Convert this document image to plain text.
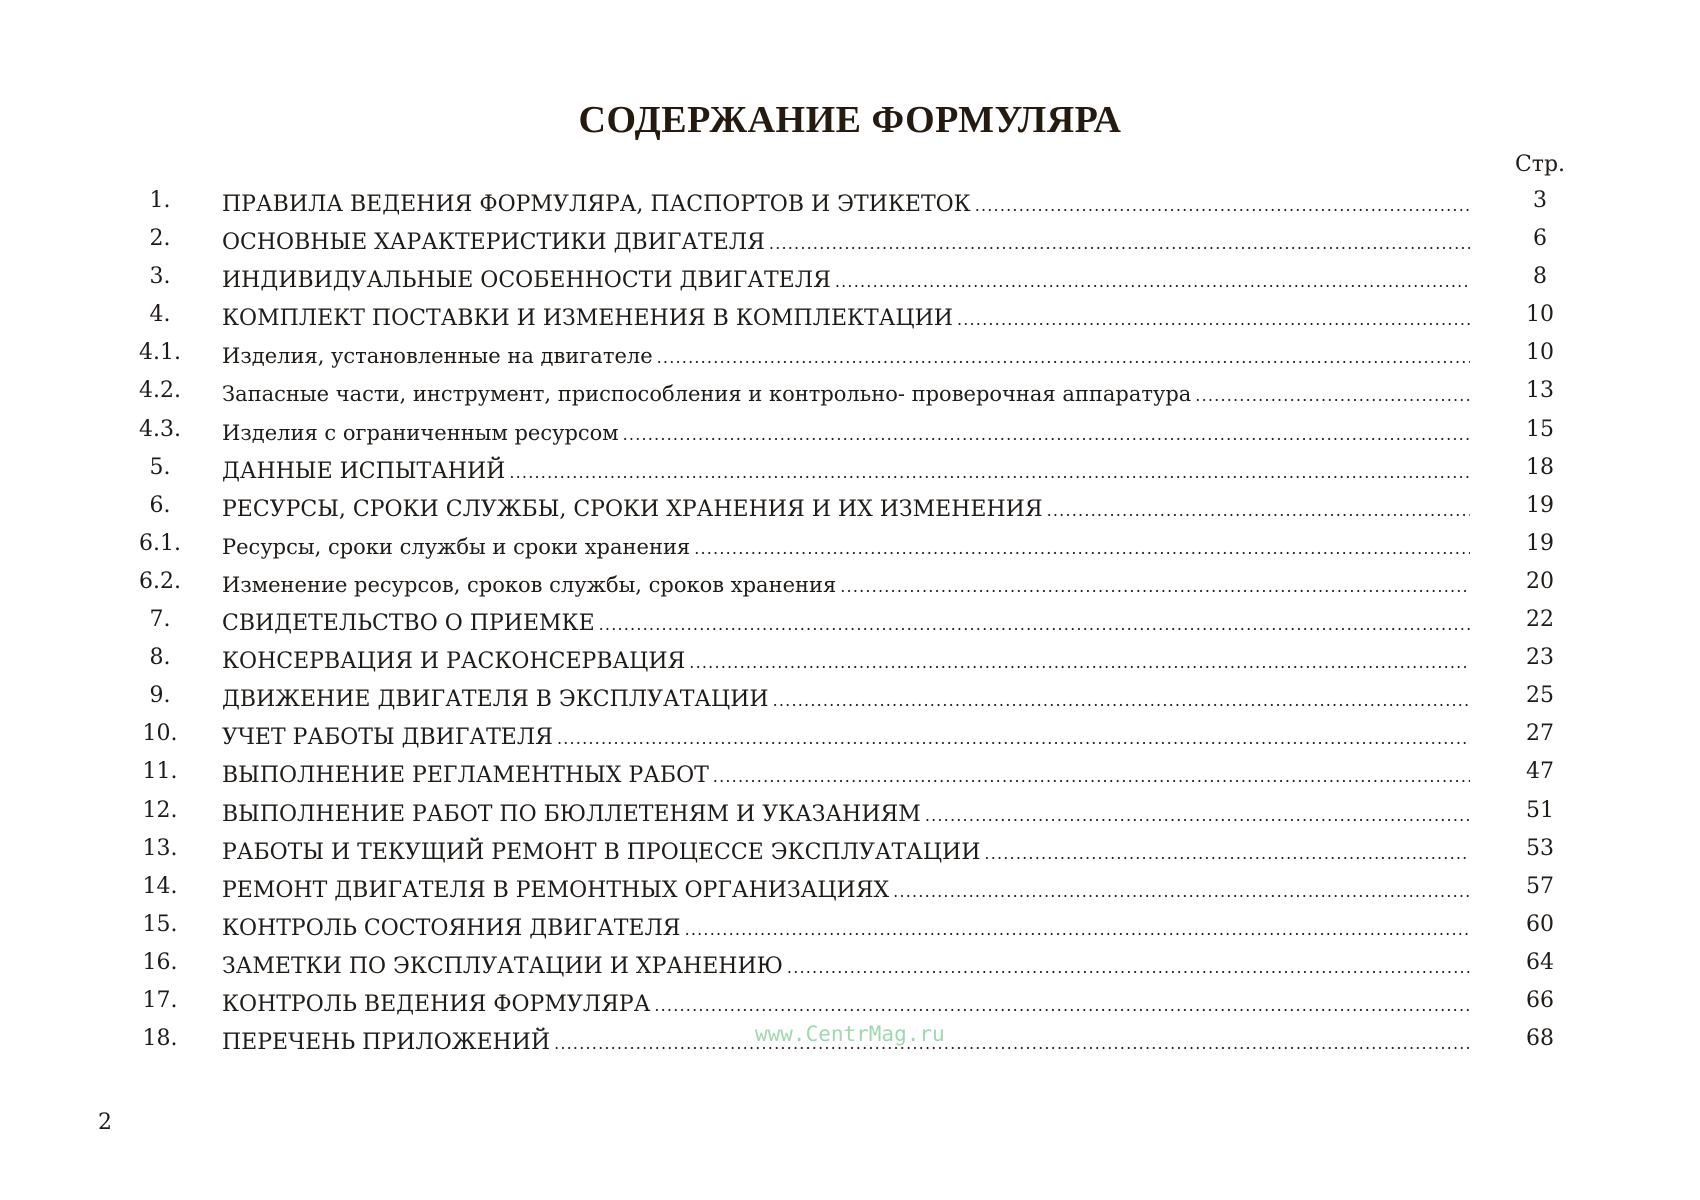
СОДЕРЖАНИЕ ФОРМУЛЯРА
Стр.
1.	ПРАВИЛА ВЕДЕНИЯ ФОРМУЛЯРА, ПАСПОРТОВ И ЭТИКЕТОК .....	3
2.	ОСНОВНЫЕ ХАРАКТЕРИСТИКИ ДВИГАТЕЛЯ .....	6
3.	ИНДИВИДУАЛЬНЫЕ ОСОБЕННОСТИ ДВИГАТЕЛЯ .....	8
4.	КОМПЛЕКТ ПОСТАВКИ И ИЗМЕНЕНИЯ В КОМПЛЕКТАЦИИ .....	10
4.1.	Изделия, установленные на двигателе .....	10
4.2.	Запасные части, инструмент, приспособления и контрольно- проверочная аппаратура .....	13
4.3.	Изделия с ограниченным ресурсом .....	15
5.	ДАННЫЕ ИСПЫТАНИЙ .....	18
6.	РЕСУРСЫ, СРОКИ СЛУЖБЫ, СРОКИ ХРАНЕНИЯ И ИХ ИЗМЕНЕНИЯ .....	19
6.1.	Ресурсы, сроки службы и сроки хранения .....	19
6.2.	Изменение ресурсов, сроков службы, сроков хранения .....	20
7.	СВИДЕТЕЛЬСТВО О ПРИЕМКЕ .....	22
8.	КОНСЕРВАЦИЯ И РАСКОНСЕРВАЦИЯ .....	23
9.	ДВИЖЕНИЕ ДВИГАТЕЛЯ В ЭКСПЛУАТАЦИИ .....	25
10.	УЧЕТ РАБОТЫ ДВИГАТЕЛЯ .....	27
11.	ВЫПОЛНЕНИЕ РЕГЛАМЕНТНЫХ РАБОТ .....	47
12.	ВЫПОЛНЕНИЕ РАБОТ ПО БЮЛЛЕТЕНЯМ И УКАЗАНИЯМ .....	51
13.	РАБОТЫ И ТЕКУЩИЙ РЕМОНТ В ПРОЦЕССЕ ЭКСПЛУАТАЦИИ .....	53
14.	РЕМОНТ ДВИГАТЕЛЯ В РЕМОНТНЫХ ОРГАНИЗАЦИЯХ .....	57
15.	КОНТРОЛЬ СОСТОЯНИЯ ДВИГАТЕЛЯ .....	60
16.	ЗАМЕТКИ ПО ЭКСПЛУАТАЦИИ И ХРАНЕНИЮ .....	64
17.	КОНТРОЛЬ ВЕДЕНИЯ ФОРМУЛЯРА .....	66
18.	ПЕРЕЧЕНЬ ПРИЛОЖЕНИЙ .....	68
www.CentrMag.ru
2
